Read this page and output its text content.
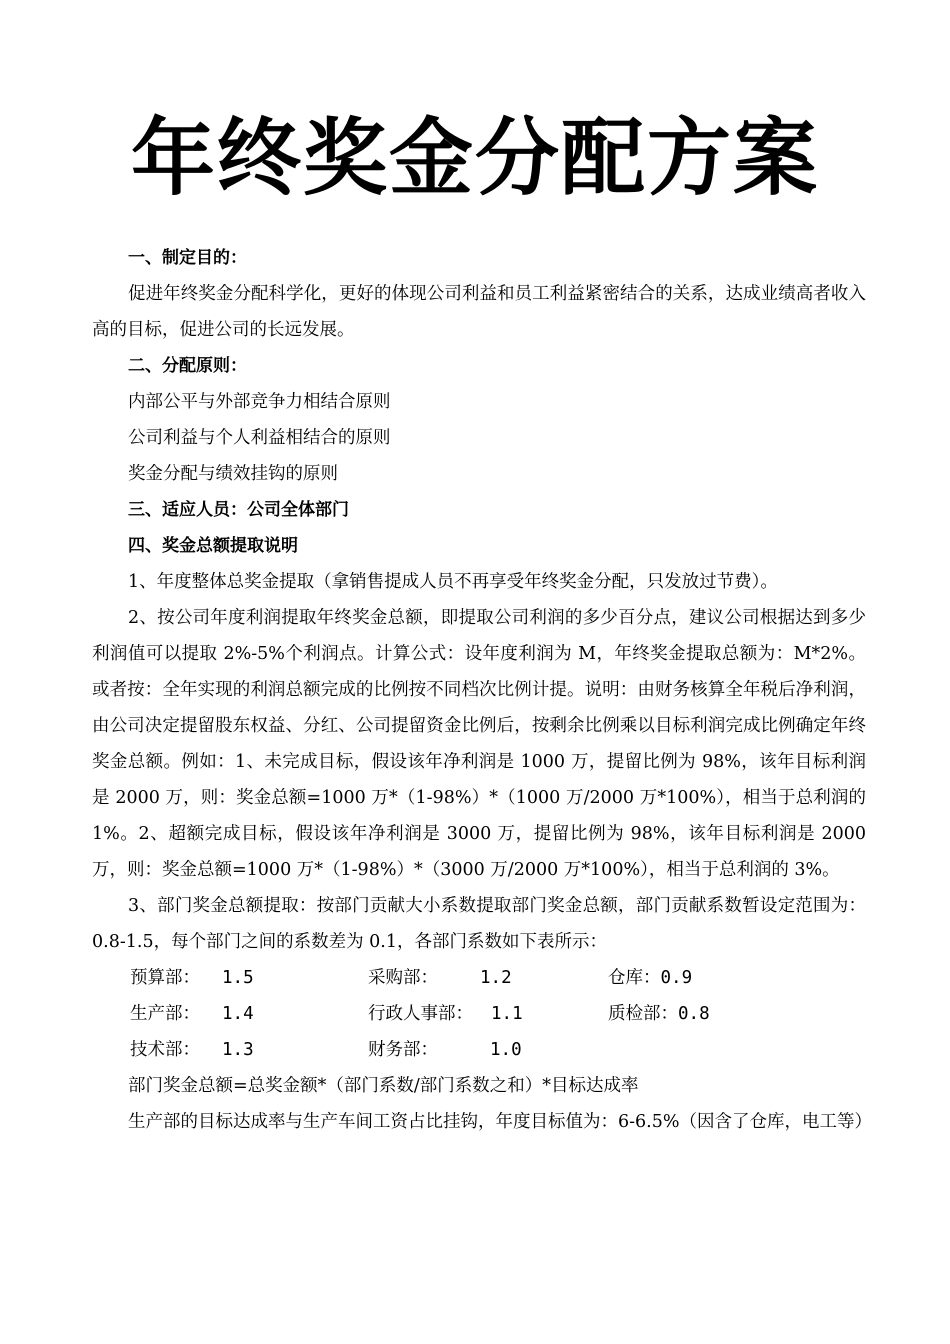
年终奖金分配方案

一、制定目的：

促进年终奖金分配科学化，更好的体现公司利益和员工利益紧密结合的关系，达成业绩高者收入高的目标，促进公司的长远发展。

二、分配原则：

内部公平与外部竞争力相结合原则

公司利益与个人利益相结合的原则

奖金分配与绩效挂钩的原则

三、适应人员：公司全体部门

四、奖金总额提取说明

1、年度整体总奖金提取（拿销售提成人员不再享受年终奖金分配，只发放过节费）。

2、按公司年度利润提取年终奖金总额，即提取公司利润的多少百分点，建议公司根据达到多少利润值可以提取 2%-5%个利润点。计算公式：设年度利润为 M，年终奖金提取总额为：M*2%。或者按：全年实现的利润总额完成的比例按不同档次比例计提。说明：由财务核算全年税后净利润，由公司决定提留股东权益、分红、公司提留资金比例后，按剩余比例乘以目标利润完成比例确定年终奖金总额。例如：1、未完成目标，假设该年净利润是 1000 万，提留比例为 98%，该年目标利润是 2000 万，则：奖金总额=1000 万*（1-98%）*（1000 万/2000 万*100%），相当于总利润的 1%。2、超额完成目标，假设该年净利润是 3000 万，提留比例为 98%，该年目标利润是 2000 万，则：奖金总额=1000 万*（1-98%）*（3000 万/2000 万*100%），相当于总利润的 3%。

3、部门奖金总额提取：按部门贡献大小系数提取部门奖金总额，部门贡献系数暂设定范围为：0.8-1.5，每个部门之间的系数差为 0.1，各部门系数如下表所示：

预算部： 1.5	采购部： 1.2	仓库： 0.9
生产部： 1.4	行政人事部： 1.1	质检部： 0.8
技术部： 1.3	财务部：	1.0

部门奖金总额=总奖金额*（部门系数/部门系数之和）*目标达成率

生产部的目标达成率与生产车间工资占比挂钩，年度目标值为：6-6.5%（因含了仓库，电工等）
